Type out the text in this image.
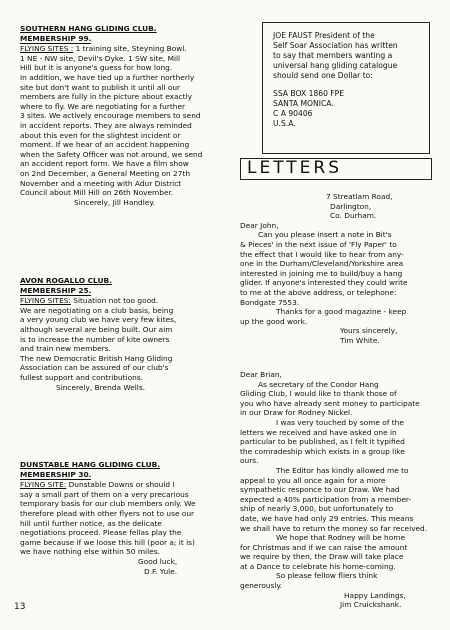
SOUTHERN HANG GLIDING CLUB.
MEMBERSHIP 99.
FLYING SITES : 1 training site, Steyning Bowl.
1 NE - NW site, Devil's Dyke. 1 SW site, Mill
Hill but it is anyone's guess for how long.
In addition, we have tied up a further northerly
site but don't want to publish it until all our
members are fully in the picture about exactly
where to fly. We are negotiating for a further
3 sites. We actively encourage members to send
in accident reports. They are always reminded
about this even for the slightest incident or
moment. If we hear of an accident happening
when the Safety Officer was not around, we send
an accident report form. We have a film show
on 2nd December, a General Meeting on 27th
November and a meeting with Adur District
Council about Mill Hill on 26th November.
Sincerely, Jill Handley.
AVON ROGALLO CLUB.
MEMBERSHIP 25.
FLYING SITES: Situation not too good.
We are negotiating on a club basis, being
a very young club we have very few kites,
although several are being built. Our aim
is to increase the number of kite owners
and train new members.
The new Democratic British Hang Gliding
Association can be assured of our club's
fullest support and contributions.
Sincerely, Brenda Wells.
DUNSTABLE HANG GLIDING CLUB.
MEMBERSHIP 30.
FLYING SITE: Dunstable Downs or should I
say a small part of them on a very precarious
temporary basis for our club members only. We
therefore plead with other flyers not to use our
hill until further notice, as the delicate
negotiations proceed. Please fellas play the
game because if we loose this hill (poor a; it is)
we have nothing else within 50 miles.
Good luck,
D.F. Yule.
JOE FAUST President of the
Self Soar Association has written
to say that members wanting a
universal hang gliding catalogue
should send one Dollar to:
SSA BOX 1860 FPE
SANTA MONICA.
C A 90406
U.S.A.
LETTERS
7 Streatlam Road,
Darlington,
Co. Durham.
Dear John,
Can you please insert a note in Bit's
& Pieces' in the next issue of 'Fly Paper' to
the effect that I would like to hear from any-
one in the Durham/Cleveland/Yorkshire area
interested in joining me to build/buy a hang
glider. If anyone's interested they could write
to me at the above address, or telephone:
Bondgate 7553.
Thanks for a good magazine - keep
up the good work.
Yours sincerely,
Tim White.
Dear Brian,
As secretary of the Condor Hang
Gliding Club, I would like to thank those of
you who have already sent money to participate
in our Draw for Rodney Nickel.
I was very touched by some of the
letters we received and have asked one in
particular to be published, as I felt it typified
the comradeship which exists in a group like
ours.
The Editor has kindly allowed me to
appeal to you all once again for a more
sympathetic responce to our Draw. We had
expected a 40% participation from a member-
ship of nearly 3,000, but unfortunately to
date, we have had only 29 entries. This means
we shall have to return the money so far received.
We hope that Rodney will be home
for Christmas and if we can raise the amount
we require by then, the Draw will take place
at a Dance to celebrate his home-coming.
So please fellow fliers think
generously.
Happy Landings,
Jim Cruickshank.
13
